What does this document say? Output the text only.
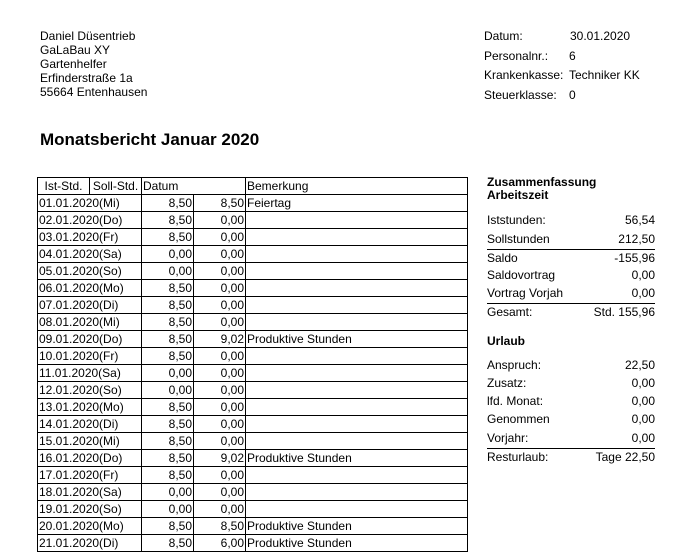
Daniel Düsentrieb
GaLaBau XY
Gartenhelfer
Erfinderstraße 1a
55664 Entenhausen
Datum:	30.01.2020
Personalnr.: 6
Krankenkasse: Techniker KK
Steuerklasse: 0
Monatsbericht Januar 2020
Ist-Std.	Soll-Std.	Datum		Bemerkung
01.01.2020(Mi)		8,50	8,50	Feiertag
02.01.2020(Do)		8,50	0,00	
03.01.2020(Fr)		8,50	0,00	
04.01.2020(Sa)		0,00	0,00	
05.01.2020(So)		0,00	0,00	
06.01.2020(Mo)		8,50	0,00	
07.01.2020(Di)		8,50	0,00	
08.01.2020(Mi)		8,50	0,00	
09.01.2020(Do)		8,50	9,02	Produktive Stunden
10.01.2020(Fr)		8,50	0,00	
11.01.2020(Sa)		0,00	0,00	
12.01.2020(So)		0,00	0,00	
13.01.2020(Mo)		8,50	0,00	
14.01.2020(Di)		8,50	0,00	
15.01.2020(Mi)		8,50	0,00	
16.01.2020(Do)		8,50	9,02	Produktive Stunden
17.01.2020(Fr)		8,50	0,00	
18.01.2020(Sa)		0,00	0,00	
19.01.2020(So)		0,00	0,00	
20.01.2020(Mo)		8,50	8,50	Produktive Stunden
21.01.2020(Di)		8,50	6,00	Produktive Stunden
Zusammenfassung
Arbeitszeit
Iststunden:	56,54
Sollstunden	212,50
Saldo	-155,96
Saldovortrag	0,00
Vortrag Vorjah	0,00
Gesamt:	Std. 155,96
Urlaub
Anspruch:	22,50
Zusatz:	0,00
lfd. Monat:	0,00
Genommen	0,00
Vorjahr:	0,00
Resturlaub:	Tage 22,50
